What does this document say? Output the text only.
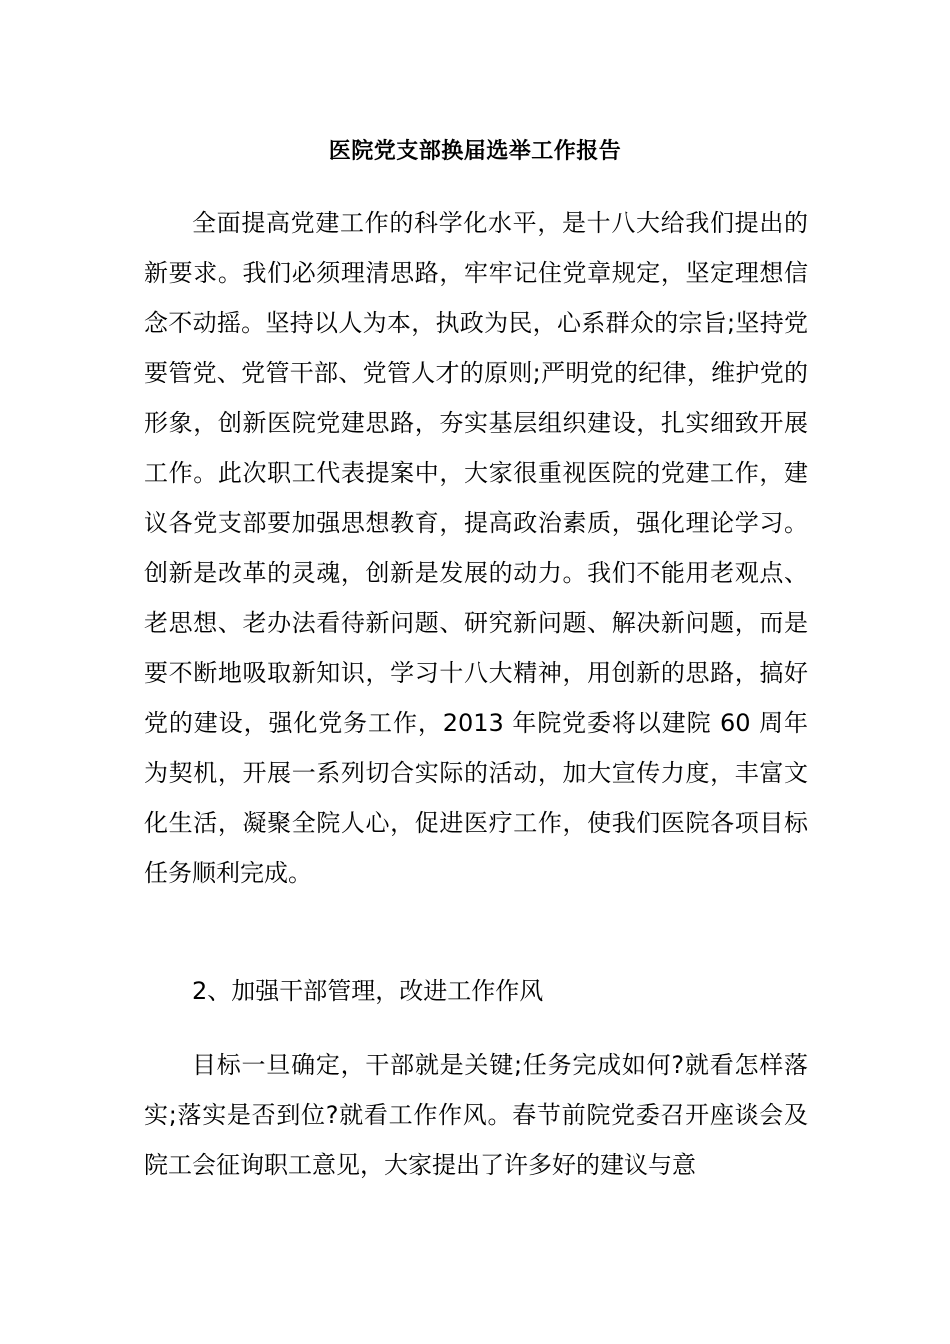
医院党支部换届选举工作报告
全面提高党建工作的科学化水平，是十八大给我们提出的新要求。我们必须理清思路，牢牢记住党章规定，坚定理想信念不动摇。坚持以人为本，执政为民，心系群众的宗旨;坚持党要管党、党管干部、党管人才的原则;严明党的纪律，维护党的形象，创新医院党建思路，夯实基层组织建设，扎实细致开展工作。此次职工代表提案中，大家很重视医院的党建工作，建议各党支部要加强思想教育，提高政治素质，强化理论学习。创新是改革的灵魂，创新是发展的动力。我们不能用老观点、老思想、老办法看待新问题、研究新问题、解决新问题，而是要不断地吸取新知识，学习十八大精神，用创新的思路，搞好党的建设，强化党务工作，2013 年院党委将以建院 60 周年为契机，开展一系列切合实际的活动，加大宣传力度，丰富文化生活，凝聚全院人心，促进医疗工作，使我们医院各项目标任务顺利完成。
2、加强干部管理，改进工作作风
目标一旦确定，干部就是关键;任务完成如何?就看怎样落实;落实是否到位?就看工作作风。春节前院党委召开座谈会及院工会征询职工意见，大家提出了许多好的建议与意
